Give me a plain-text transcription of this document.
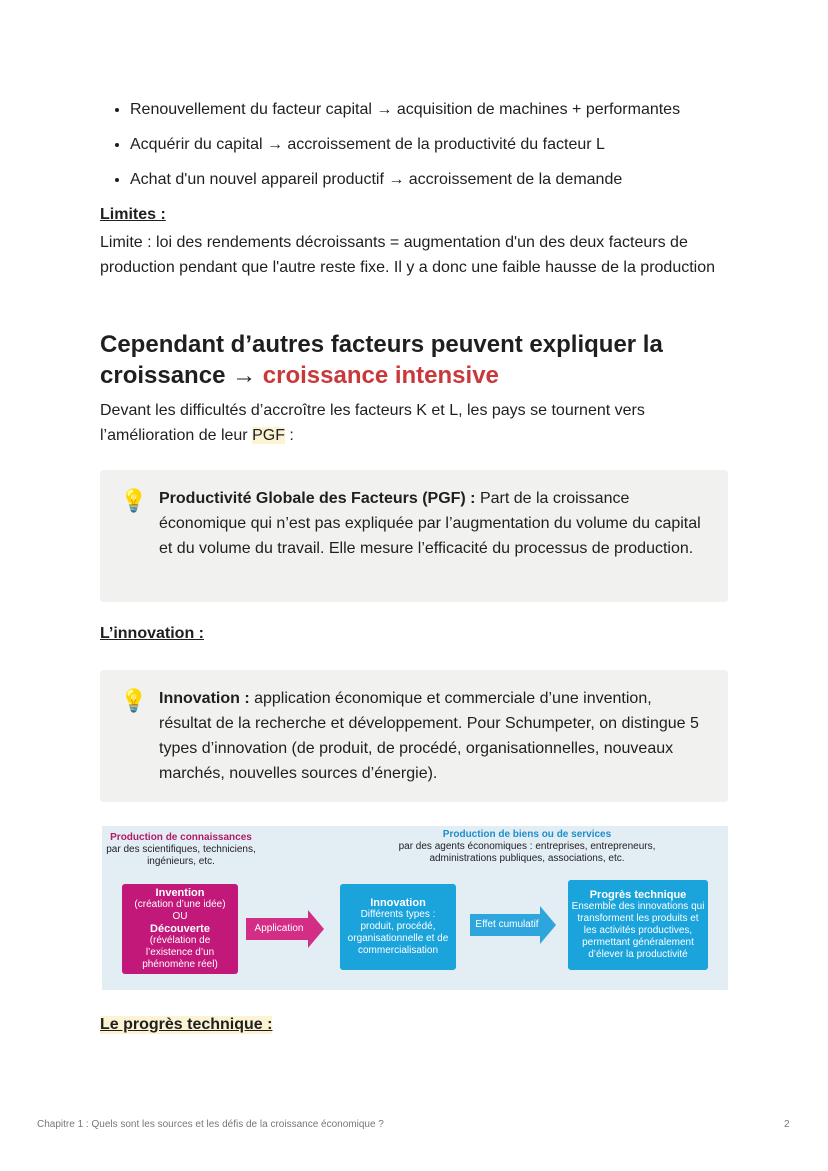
• Renouvellement du facteur capital → acquisition de machines + performantes
• Acquérir du capital → accroissement de la productivité du facteur L
• Achat d'un nouvel appareil productif → accroissement de la demande
Limites :
Limite : loi des rendements décroissants = augmentation d'un des deux facteurs de production pendant que l'autre reste fixe. Il y a donc une faible hausse de la production
Cependant d’autres facteurs peuvent expliquer la croissance → croissance intensive
Devant les difficultés d’accroître les facteurs K et L, les pays se tournent vers l’amélioration de leur PGF :
💡 Productivité Globale des Facteurs (PGF) : Part de la croissance économique qui n’est pas expliquée par l’augmentation du volume du capital et du volume du travail. Elle mesure l’efficacité du processus de production.
L’innovation :
💡 Innovation : application économique et commerciale d’une invention, résultat de la recherche et développement. Pour Schumpeter, on distingue 5 types d’innovation (de produit, de procédé, organisationnelles, nouveaux marchés, nouvelles sources d’énergie).
Production de connaissances
par des scientifiques, techniciens, ingénieurs, etc.
Production de biens ou de services
par des agents économiques : entreprises, entrepreneurs, administrations publiques, associations, etc.
Invention
(création d’une idée)
OU
Découverte
(révélation de l’existence d’un phénomène réel)
Application
Innovation
Différents types : produit, procédé, organisationnelle et de commercialisation
Effet cumulatif
Progrès technique
Ensemble des innovations qui transforment les produits et les activités productives, permettant généralement d’élever la productivité
Le progrès technique :
Chapitre 1 : Quels sont les sources et les défis de la croissance économique ?	2
